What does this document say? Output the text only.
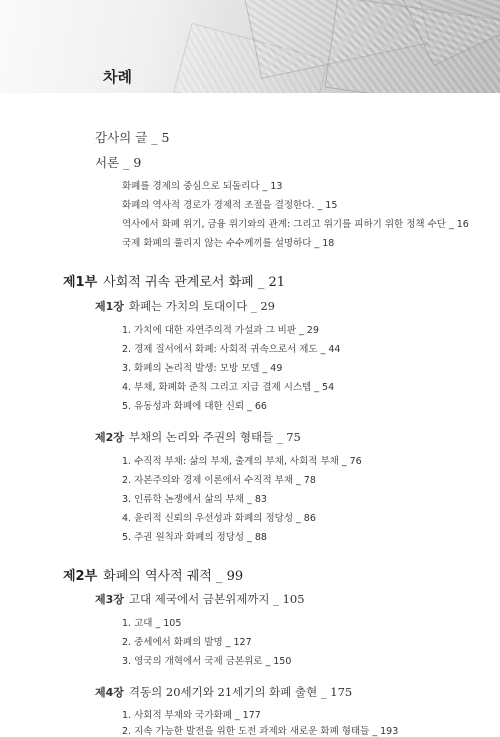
차례
감사의 글 _ 5
서론 _ 9
화폐를 경제의 중심으로 되돌리다 _ 13
화폐의 역사적 경로가 경제적 조절을 결정한다. _ 15
역사에서 화폐 위기, 금융 위기와의 관계: 그리고 위기를 피하기 위한 정책 수단 _ 16
국제 화폐의 풀리지 않는 수수께끼를 설명하다 _ 18
제1부 사회적 귀속 관계로서 화폐 _ 21
제1장 화폐는 가치의 토대이다 _ 29
1. 가치에 대한 자연주의적 가설과 그 비판 _ 29
2. 경제 질서에서 화폐: 사회적 귀속으로서 제도 _ 44
3. 화폐의 논리적 발생: 모방 모델 _ 49
4. 부채, 화폐화 준칙 그리고 지급 결제 시스템 _ 54
5. 유동성과 화폐에 대한 신뢰 _ 66
제2장 부채의 논리와 주권의 형태들 _ 75
1. 수직적 부채: 삶의 부채, 출계의 부채, 사회적 부채 _ 76
2. 자본주의와 경제 이론에서 수직적 부채 _ 78
3. 인류학 논쟁에서 삶의 부채 _ 83
4. 윤리적 신뢰의 우선성과 화폐의 정당성 _ 86
5. 주권 원칙과 화폐의 정당성 _ 88
제2부 화폐의 역사적 궤적 _ 99
제3장 고대 제국에서 금본위제까지 _ 105
1. 고대 _ 105
2. 중세에서 화폐의 발명 _ 127
3. 영국의 개혁에서 국제 금본위로 _ 150
제4장 격동의 20세기와 21세기의 화폐 출현 _ 175
1. 사회적 부채와 국가화폐 _ 177
2. 지속 가능한 발전을 위한 도전 과제와 새로운 화폐 형태들 _ 193
